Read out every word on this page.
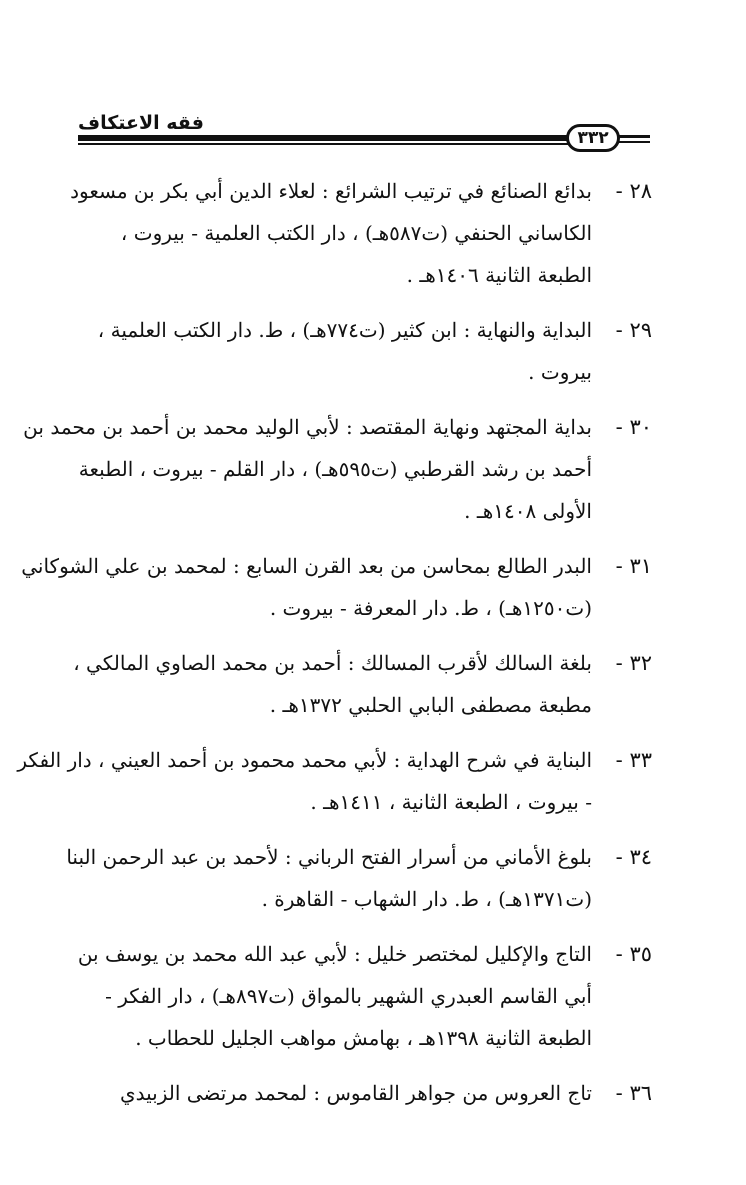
فقه الاعتكاف
٣٣٢
٢٨ -
بدائع الصنائع في ترتيب الشرائع : لعلاء الدين أبي بكر بن مسعود
الكاساني الحنفي (ت٥٨٧هـ) ، دار الكتب العلمية - بيروت ،
الطبعة الثانية ١٤٠٦هـ .
٢٩ -
البداية والنهاية : ابن كثير (ت٧٧٤هـ) ، ط. دار الكتب العلمية ،
بيروت .
٣٠ -
بداية المجتهد ونهاية المقتصد : لأبي الوليد محمد بن أحمد بن محمد بن
أحمد بن رشد القرطبي (ت٥٩٥هـ) ، دار القلم - بيروت ، الطبعة
الأولى ١٤٠٨هـ .
٣١ -
البدر الطالع بمحاسن من بعد القرن السابع : لمحمد بن علي الشوكاني
(ت١٢٥٠هـ) ، ط. دار المعرفة - بيروت .
٣٢ -
بلغة السالك لأقرب المسالك : أحمد بن محمد الصاوي المالكي ،
مطبعة مصطفى البابي الحلبي ١٣٧٢هـ .
٣٣ -
البناية في شرح الهداية : لأبي محمد محمود بن أحمد العيني ، دار الفكر
- بيروت ، الطبعة الثانية ، ١٤١١هـ .
٣٤ -
بلوغ الأماني من أسرار الفتح الرباني : لأحمد بن عبد الرحمن البنا
(ت١٣٧١هـ) ، ط. دار الشهاب - القاهرة .
٣٥ -
التاج والإكليل لمختصر خليل : لأبي عبد الله محمد بن يوسف بن
أبي القاسم العبدري الشهير بالمواق (ت٨٩٧هـ) ، دار الفكر -
الطبعة الثانية ١٣٩٨هـ ، بهامش مواهب الجليل للحطاب .
٣٦ -
تاج العروس من جواهر القاموس : لمحمد مرتضى الزبيدي
